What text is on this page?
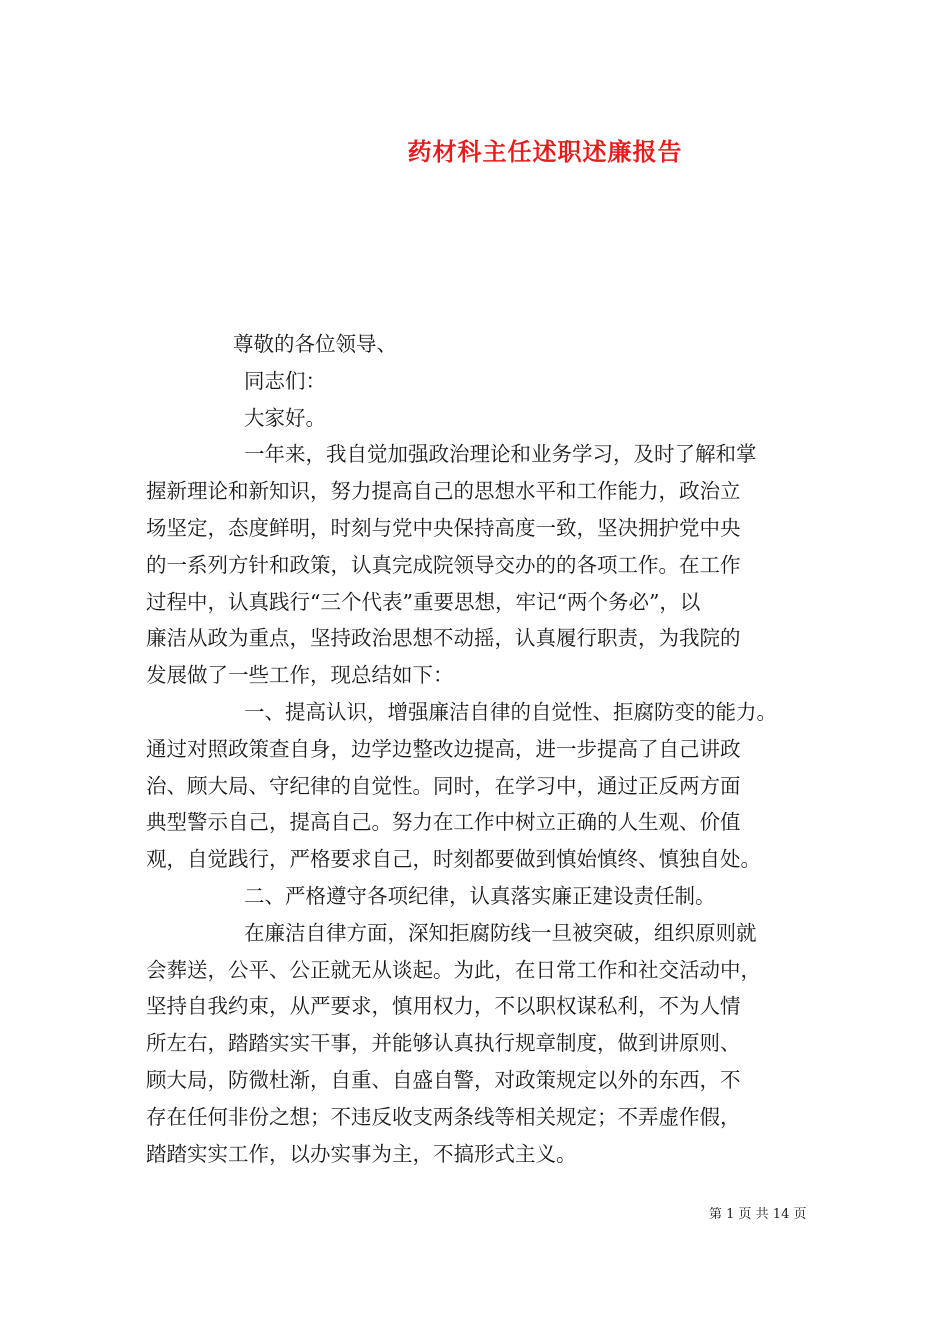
药材科主任述职述廉报告

尊敬的各位领导、

同志们：

大家好。

一年来，我自觉加强政治理论和业务学习，及时了解和掌

握新理论和新知识，努力提高自己的思想水平和工作能力，政治立

场坚定，态度鲜明，时刻与党中央保持高度一致，坚决拥护党中央

的一系列方针和政策，认真完成院领导交办的的各项工作。在工作

过程中，认真践行“三个代表”重要思想，牢记“两个务必”，以

廉洁从政为重点，坚持政治思想不动摇，认真履行职责，为我院的

发展做了一些工作，现总结如下：

一、提高认识，增强廉洁自律的自觉性、拒腐防变的能力。

通过对照政策查自身，边学边整改边提高，进一步提高了自己讲政

治、顾大局、守纪律的自觉性。同时，在学习中，通过正反两方面

典型警示自己，提高自己。努力在工作中树立正确的人生观、价值

观，自觉践行，严格要求自己，时刻都要做到慎始慎终、慎独自处。

二、严格遵守各项纪律，认真落实廉正建设责任制。

在廉洁自律方面，深知拒腐防线一旦被突破，组织原则就

会葬送，公平、公正就无从谈起。为此，在日常工作和社交活动中，

坚持自我约束，从严要求，慎用权力，不以职权谋私利，不为人情

所左右，踏踏实实干事，并能够认真执行规章制度，做到讲原则、

顾大局，防微杜渐，自重、自盛自警，对政策规定以外的东西，不

存在任何非份之想；不违反收支两条线等相关规定；不弄虚作假，

踏踏实实工作，以办实事为主，不搞形式主义。

第 1 页 共 14 页
